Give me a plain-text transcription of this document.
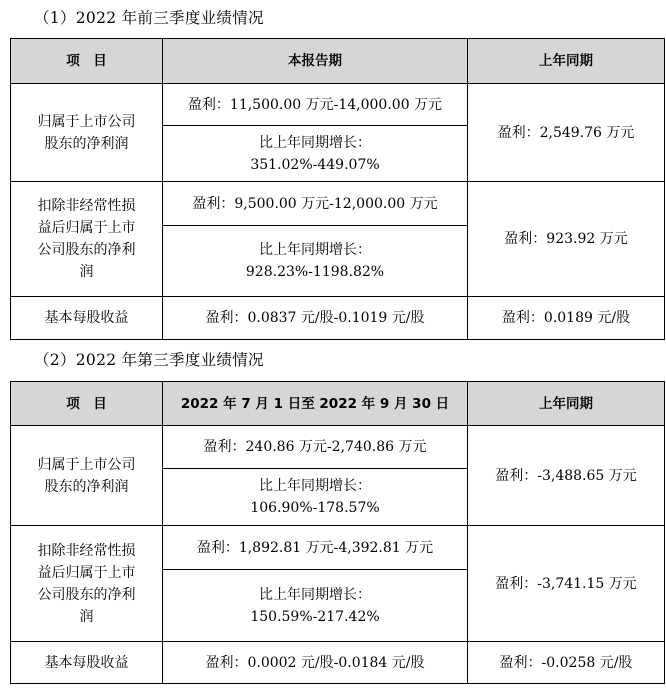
（1）2022 年前三季度业绩情况
项　目	本报告期	上年同期

归属于上市公司
股东的净利润	盈利：11,500.00 万元-14,000.00 万元	盈利：2,549.76 万元

	比上年同期增长：
351.02%-449.07%	

扣除非经常性损
益后归属于上市
公司股东的净利
润	盈利：9,500.00 万元-12,000.00 万元	盈利：923.92 万元

	比上年同期增长：
928.23%-1198.82%	

基本每股收益	盈利：0.0837 元/股-0.1019 元/股	盈利：0.0189 元/股
（2）2022 年第三季度业绩情况
项　目	2022 年 7 月 1 日至 2022 年 9 月 30 日	上年同期

归属于上市公司
股东的净利润	盈利：240.86 万元-2,740.86 万元	盈利：-3,488.65 万元

	比上年同期增长：
106.90%-178.57%	

扣除非经常性损
益后归属于上市
公司股东的净利
润	盈利：1,892.81 万元-4,392.81 万元	盈利：-3,741.15 万元

	比上年同期增长：
150.59%-217.42%	

基本每股收益	盈利：0.0002 元/股-0.0184 元/股	盈利：-0.0258 元/股
